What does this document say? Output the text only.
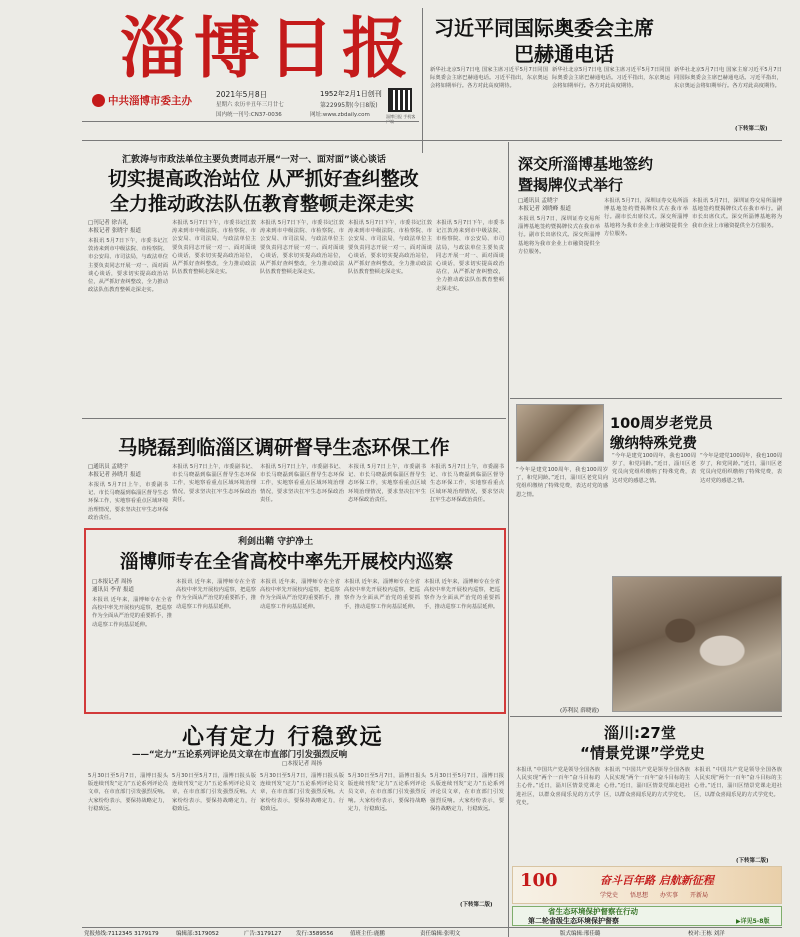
淄博日报
中共淄博市委主办
2021年5月8日
星期六 农历辛丑年三月廿七
1952年2月1日创刊
第22995期(今日8版)
国内统一刊号:CN37-0036	网址:www.zbdaily.com	淄博日报 手机客
习近平同国际奥委会主席
巴赫通电话
新华社北京5月7日电 国家主席习近平5月7日同国际奥委会主席巴赫通电话。习近平指出，东京奥运会将如期举行。各方对此高度期待。
新华社北京5月7日电 国家主席习近平5月7日同国际奥委会主席巴赫通电话。习近平指出，东京奥运会将如期举行。各方对此高度期待。
新华社北京5月7日电 国家主席习近平5月7日同国际奥委会主席巴赫通电话。习近平指出，东京奥运会将如期举行。各方对此高度期待。
(下转第二版)
汇敦涛与市政法单位主要负责同志开展“一对一、面对面”谈心谈话
切实提高政治站位 从严抓好查纠整改
全力推动政法队伍教育整顿走深走实
□刊记者 徐吉礼
本报记者 张晓宇 报道
本报讯 5月7日下午，市委书记江敦涛来到市中级法院、市检察院、市公安局、市司法局，与政法单位主要负责同志开展一对一、面对面谈心谈话，要求切实提高政治站位，从严抓好查纠整改，全力推动政法队伍教育整顿走深走实。
本报讯 5月7日下午，市委书记江敦涛来到市中级法院、市检察院、市公安局、市司法局，与政法单位主要负责同志开展一对一、面对面谈心谈话，要求切实提高政治站位，从严抓好查纠整改，全力推动政法队伍教育整顿走深走实。
本报讯 5月7日下午，市委书记江敦涛来到市中级法院、市检察院、市公安局、市司法局，与政法单位主要负责同志开展一对一、面对面谈心谈话，要求切实提高政治站位，从严抓好查纠整改，全力推动政法队伍教育整顿走深走实。
本报讯 5月7日下午，市委书记江敦涛来到市中级法院、市检察院、市公安局、市司法局，与政法单位主要负责同志开展一对一、面对面谈心谈话，要求切实提高政治站位，从严抓好查纠整改，全力推动政法队伍教育整顿走深走实。
本报讯 5月7日下午，市委书记江敦涛来到市中级法院、市检察院、市公安局、市司法局，与政法单位主要负责同志开展一对一、面对面谈心谈话，要求切实提高政治站位，从严抓好查纠整改，全力推动政法队伍教育整顿走深走实。
深交所淄博基地签约
暨揭牌仪式举行
□通讯员 孟晓宇
本报记者 刘晓峰 报道
本报讯 5月7日，深圳证券交易所淄博基地签约暨揭牌仪式在我市举行。副市长出席仪式。深交所淄博基地将为我市企业上市融资提供全方位服务。
本报讯 5月7日，深圳证券交易所淄博基地签约暨揭牌仪式在我市举行。副市长出席仪式。深交所淄博基地将为我市企业上市融资提供全方位服务。
本报讯 5月7日，深圳证券交易所淄博基地签约暨揭牌仪式在我市举行。副市长出席仪式。深交所淄博基地将为我市企业上市融资提供全方位服务。
马晓磊到临淄区调研督导生态环保工作
□通讯员 孟晓宇
本报记者 孙晓月 报道
本报讯 5月7日上午，市委副书记、市长马晓磊到临淄区督导生态环保工作，实地察看重点区域环境治理情况，要求坚决扛牢生态环保政治责任。
本报讯 5月7日上午，市委副书记、市长马晓磊到临淄区督导生态环保工作，实地察看重点区域环境治理情况，要求坚决扛牢生态环保政治责任。
本报讯 5月7日上午，市委副书记、市长马晓磊到临淄区督导生态环保工作，实地察看重点区域环境治理情况，要求坚决扛牢生态环保政治责任。
本报讯 5月7日上午，市委副书记、市长马晓磊到临淄区督导生态环保工作，实地察看重点区域环境治理情况，要求坚决扛牢生态环保政治责任。
本报讯 5月7日上午，市委副书记、市长马晓磊到临淄区督导生态环保工作，实地察看重点区域环境治理情况，要求坚决扛牢生态环保政治责任。
100周岁老党员
缴纳特殊党费
“今年是建党100周年，我也100周岁了，和党同龄。”近日，淄川区老党员向党组织缴纳了特殊党费，表达对党的感恩之情。
“今年是建党100周年，我也100周岁了，和党同龄。”近日，淄川区老党员向党组织缴纳了特殊党费，表达对党的感恩之情。
“今年是建党100周年，我也100周岁了，和党同龄。”近日，淄川区老党员向党组织缴纳了特殊党费，表达对党的感恩之情。
(苏利民 薛晓霞)
利剑出鞘 守护净土
淄博师专在全省高校中率先开展校内巡察
□本报记者 周扬
通讯员 李青 报道
本报讯 近年来，淄博师专在全省高校中率先开展校内巡察，把巡察作为全面从严治党的重要抓手，推动巡察工作向基层延伸。
本报讯 近年来，淄博师专在全省高校中率先开展校内巡察，把巡察作为全面从严治党的重要抓手，推动巡察工作向基层延伸。
本报讯 近年来，淄博师专在全省高校中率先开展校内巡察，把巡察作为全面从严治党的重要抓手，推动巡察工作向基层延伸。
本报讯 近年来，淄博师专在全省高校中率先开展校内巡察，把巡察作为全面从严治党的重要抓手，推动巡察工作向基层延伸。
本报讯 近年来，淄博师专在全省高校中率先开展校内巡察，把巡察作为全面从严治党的重要抓手，推动巡察工作向基层延伸。
淄川:27堂
“情景党课”学党史
本报讯 “中国共产党是领导全国各族人民实现“两个一百年”奋斗目标的主心骨。”近日，淄川区情景党课走进社区，以群众喜闻乐见的方式学党史。
本报讯 “中国共产党是领导全国各族人民实现“两个一百年”奋斗目标的主心骨。”近日，淄川区情景党课走进社区，以群众喜闻乐见的方式学党史。
本报讯 “中国共产党是领导全国各族人民实现“两个一百年”奋斗目标的主心骨。”近日，淄川区情景党课走进社区，以群众喜闻乐见的方式学党史。
(下转第二版)
心有定力 行稳致远
——“定力”五论系列评论员文章在市直部门引发强烈反响
□本报记者 周扬
5月30日至5月7日，淄博日报头版连续刊发“定力”五论系列评论员文章，在市直部门引发强烈反响。大家纷纷表示，要保持战略定力，行稳致远。
5月30日至5月7日，淄博日报头版连续刊发“定力”五论系列评论员文章，在市直部门引发强烈反响。大家纷纷表示，要保持战略定力，行稳致远。
5月30日至5月7日，淄博日报头版连续刊发“定力”五论系列评论员文章，在市直部门引发强烈反响。大家纷纷表示，要保持战略定力，行稳致远。
5月30日至5月7日，淄博日报头版连续刊发“定力”五论系列评论员文章，在市直部门引发强烈反响。大家纷纷表示，要保持战略定力，行稳致远。
5月30日至5月7日，淄博日报头版连续刊发“定力”五论系列评论员文章，在市直部门引发强烈反响。大家纷纷表示，要保持战略定力，行稳致远。
(下转第二版)
100	奋斗百年路 启航新征程
学党史 悟思想 办实事 开新局
省生态环境保护督察在行动
第二轮省级生态环境保护督察	▶详见5-8版
党报热线:7112345 3179179	编辑部:3179052	广告:3179127	发行:3589556	值班主任:鹿鹏	责任编辑:张明文	版式编辑:邢佳璐	校对:王栋 刘洋
